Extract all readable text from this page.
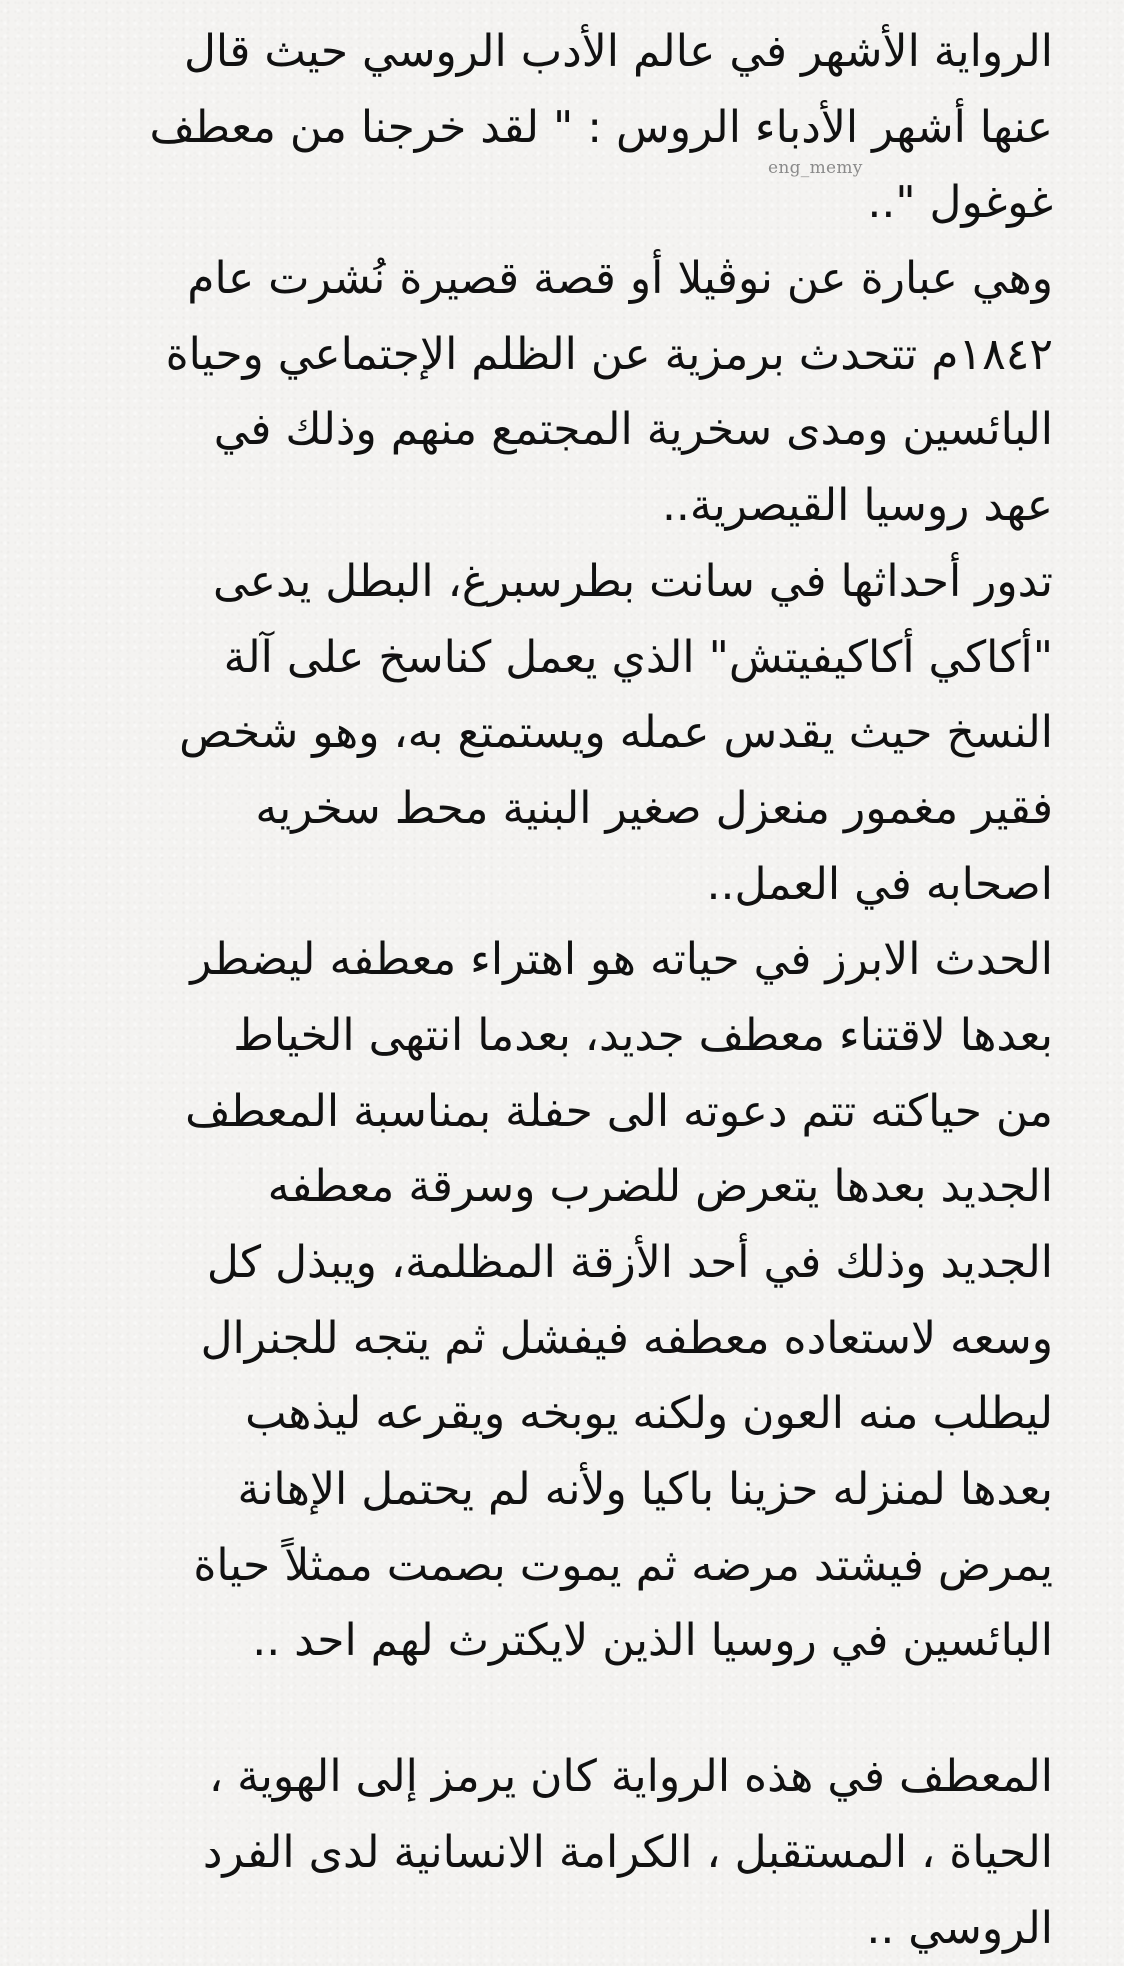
eng_memy
الرواية الأشهر في عالم الأدب الروسي حيث قال
عنها أشهر الأدباء الروس : " لقد خرجنا من معطف
غوغول "..
وهي عبارة عن نوڤيلا أو قصة قصيرة نُشرت عام
١٨٤٢م تتحدث برمزية عن الظلم الإجتماعي وحياة
البائسين ومدى سخرية المجتمع منهم وذلك في
عهد روسيا القيصرية..
تدور أحداثها في سانت بطرسبرغ، البطل يدعى
"أكاكي أكاكيفيتش" الذي يعمل كناسخ على آلة
النسخ حيث يقدس عمله ويستمتع به، وهو شخص
فقير مغمور منعزل صغير البنية محط سخريه
اصحابه في العمل..
الحدث الابرز في حياته هو اهتراء معطفه ليضطر
بعدها لاقتناء معطف جديد، بعدما انتهى الخياط
من حياكته تتم دعوته الى حفلة بمناسبة المعطف
الجديد بعدها يتعرض للضرب وسرقة معطفه
الجديد وذلك في أحد الأزقة المظلمة، ويبذل كل
وسعه لاستعاده معطفه فيفشل ثم يتجه للجنرال
ليطلب منه العون ولكنه يوبخه ويقرعه ليذهب
بعدها لمنزله حزينا باكيا ولأنه لم يحتمل الإهانة
يمرض فيشتد مرضه ثم يموت بصمت ممثلاً حياة
البائسين في روسيا الذين لايكترث لهم احد ..
المعطف في هذه الرواية كان يرمز إلى الهوية ،
الحياة ، المستقبل ، الكرامة الانسانية لدى الفرد
الروسي ..
